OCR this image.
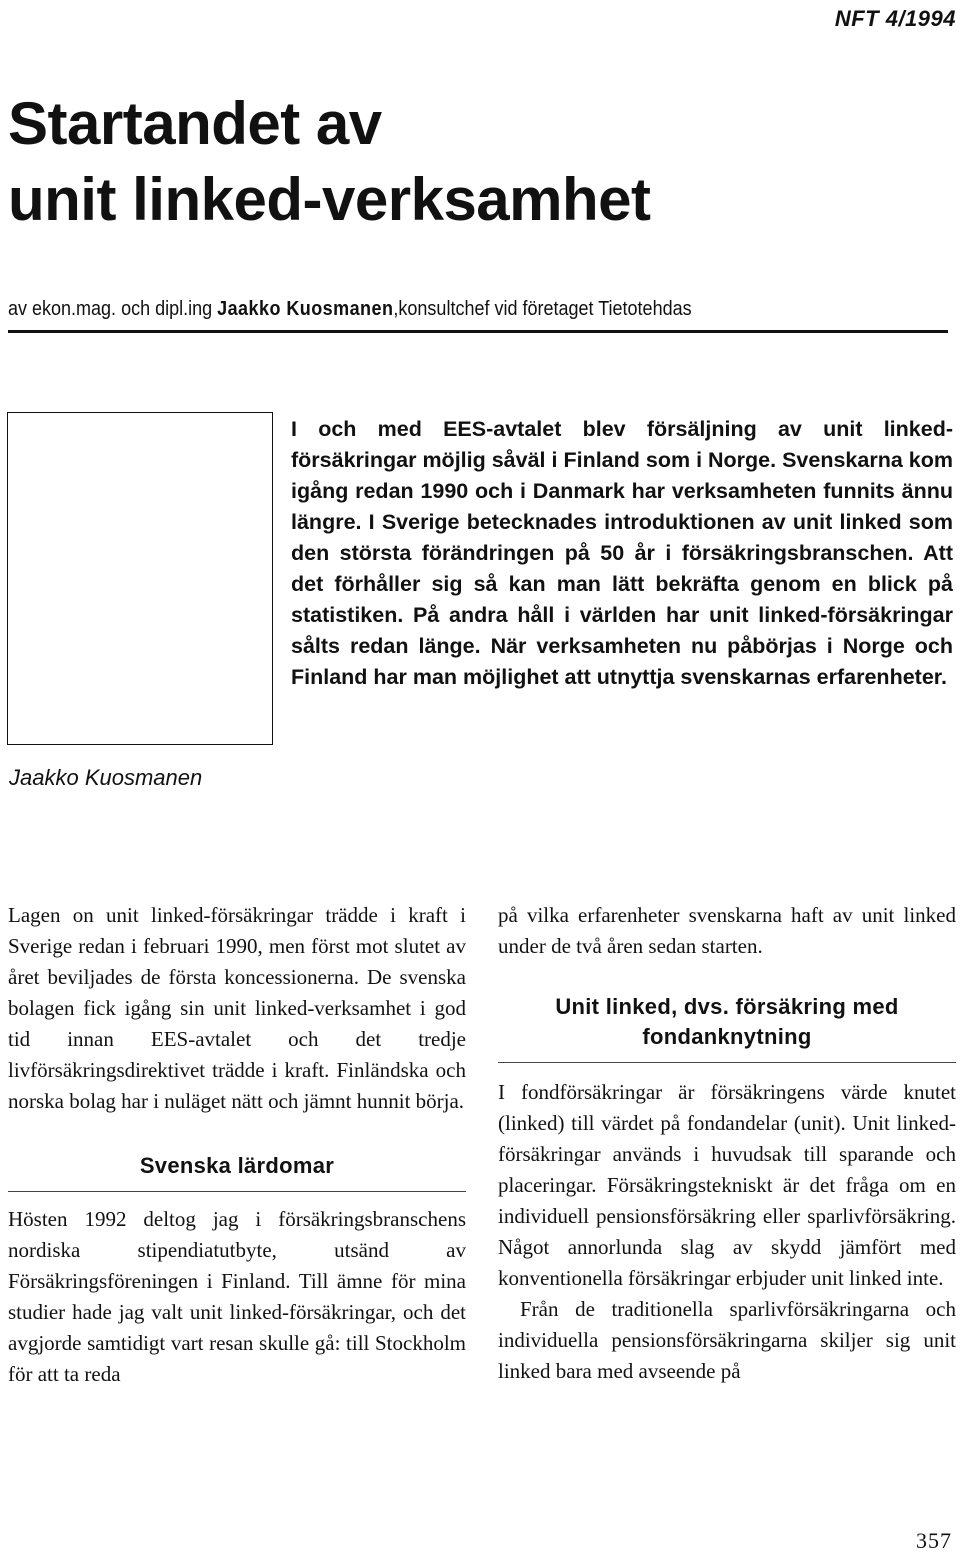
NFT 4/1994
Startandet av
unit linked-verksamhet
av ekon.mag. och dipl.ing Jaakko Kuosmanen,konsultchef vid företaget Tietotehdas
Jaakko Kuosmanen

I och med EES-avtalet blev försäljning av unit linked-försäkringar möjlig såväl i Finland som i Norge. Svenskarna kom igång redan 1990 och i Danmark har verksamheten funnits ännu längre. I Sverige betecknades introduktionen av unit linked som den största förändringen på 50 år i försäkringsbranschen. Att det förhåller sig så kan man lätt bekräfta genom en blick på statistiken. På andra håll i världen har unit linked-försäkringar sålts redan länge. När verksamheten nu påbörjas i Norge och Finland har man möjlighet att utnyttja svenskarnas erfarenheter.

Lagen on unit linked-försäkringar trädde i kraft i Sverige redan i februari 1990, men först mot slutet av året beviljades de första koncessionerna. De svenska bolagen fick igång sin unit linked-verksamhet i god tid innan EES-avtalet och det tredje livförsäkringsdirektivet trädde i kraft. Finländska och norska bolag har i nuläget nätt och jämnt hunnit börja.

Svenska lärdomar

Hösten 1992 deltog jag i försäkringsbranschens nordiska stipendiatutbyte, utsänd av Försäkringsföreningen i Finland. Till ämne för mina studier hade jag valt unit linked-försäkringar, och det avgjorde samtidigt vart resan skulle gå: till Stockholm för att ta reda

på vilka erfarenheter svenskarna haft av unit linked under de två åren sedan starten.

Unit linked, dvs. försäkring med
fondanknytning

I fondförsäkringar är försäkringens värde knutet (linked) till värdet på fondandelar (unit). Unit linked-försäkringar används i huvudsak till sparande och placeringar. Försäkringstekniskt är det fråga om en individuell pensionsförsäkring eller sparlivförsäkring. Något annorlunda slag av skydd jämfört med konventionella försäkringar erbjuder unit linked inte.

Från de traditionella sparlivförsäkringarna och individuella pensionsförsäkringarna skiljer sig unit linked bara med avseende på

357
